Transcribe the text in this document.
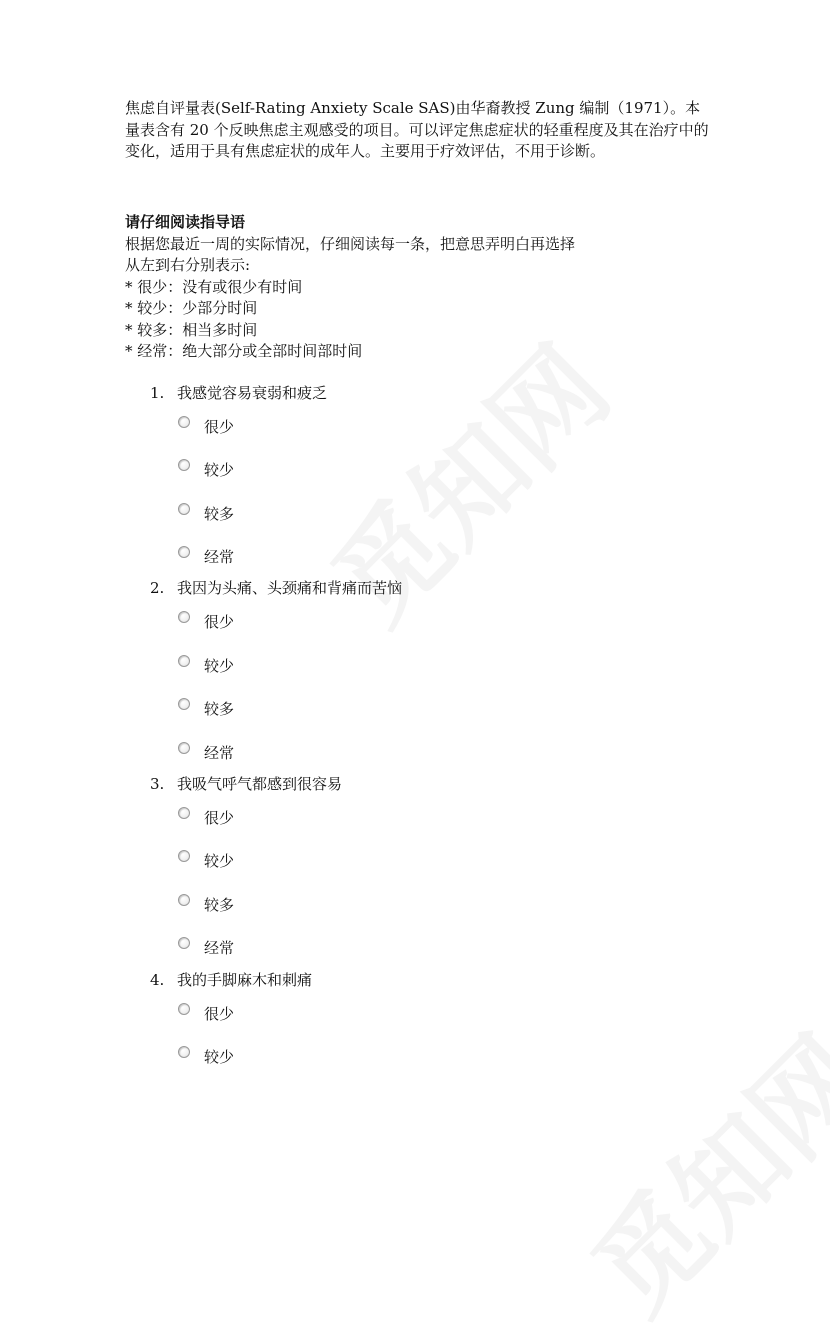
焦虑自评量表(Self-Rating Anxiety Scale SAS)由华裔教授 Zung 编制（1971）。本量表含有 20 个反映焦虑主观感受的项目。可以评定焦虑症状的轻重程度及其在治疗中的变化，适用于具有焦虑症状的成年人。主要用于疗效评估，不用于诊断。

请仔细阅读指导语
根据您最近一周的实际情况，仔细阅读每一条，把意思弄明白再选择
从左到右分别表示:
* 很少：没有或很少有时间
* 较少：少部分时间
* 较多：相当多时间
* 经常：绝大部分或全部时间部时间
1. 我感觉容易衰弱和疲乏
很少
较少
较多
经常
2. 我因为头痛、头颈痛和背痛而苦恼
很少
较少
较多
经常
3. 我吸气呼气都感到很容易
很少
较少
较多
经常
4. 我的手脚麻木和刺痛
很少
较少
